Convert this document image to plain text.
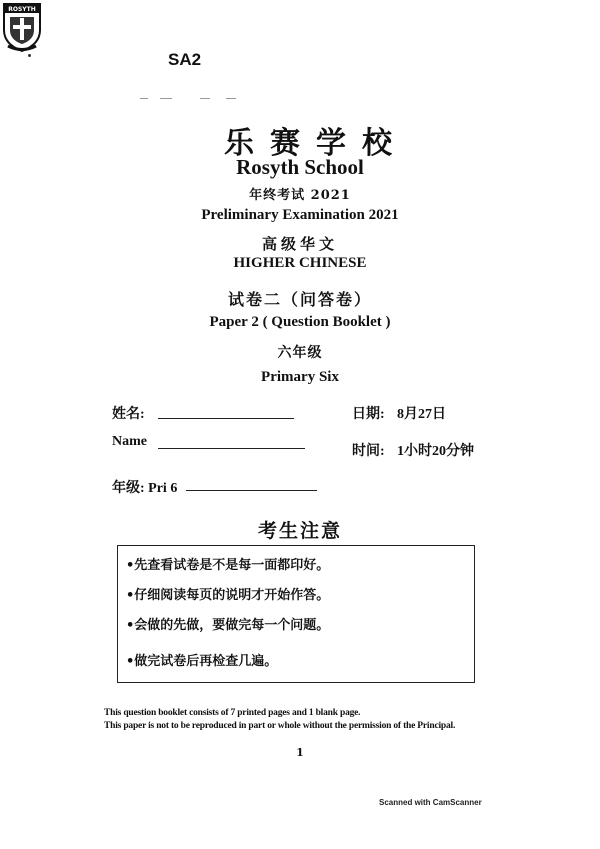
SA2
ROSYTH
乐赛学校
Rosyth School
年终考试 2021
Preliminary Examination 2021
高级华文
HIGHER CHINESE
试卷二（问答卷）
Paper 2 ( Question Booklet )
六年级
Primary Six
姓名:
Name
年级: Pri 6
日期: 8月27日
时间: 1小时20分钟
考生注意
•先查看试卷是不是每一面都印好。
•仔细阅读每页的说明才开始作答。
•会做的先做，要做完每一个问题。
•做完试卷后再检查几遍。
This question booklet consists of 7 printed pages and 1 blank page.
This paper is not to be reproduced in part or whole without the permission of the Principal.
1
Scanned with CamScanner
